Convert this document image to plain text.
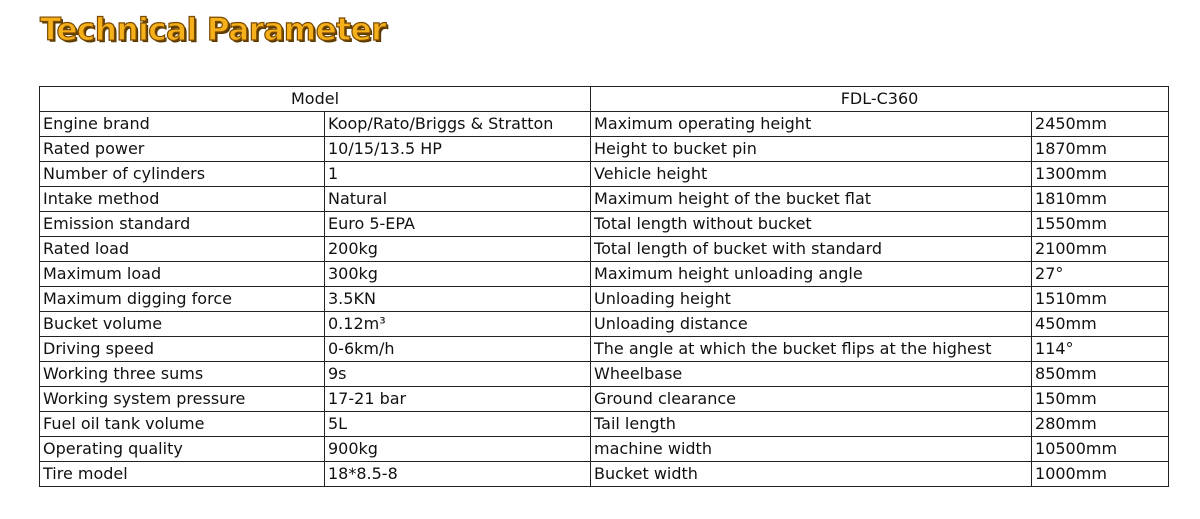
Technical Parameter
Model		FDL-C360	
Engine brand	Koop/Rato/Briggs & Stratton	Maximum operating height	2450mm
Rated power	10/15/13.5 HP	Height to bucket pin	1870mm
Number of cylinders	1	Vehicle height	1300mm
Intake method	Natural	Maximum height of the bucket flat	1810mm
Emission standard	Euro 5-EPA	Total length without bucket	1550mm
Rated load	200kg	Total length of bucket with standard	2100mm
Maximum load	300kg	Maximum height unloading angle	27°
Maximum digging force	3.5KN	Unloading height	1510mm
Bucket volume	0.12m³	Unloading distance	450mm
Driving speed	0-6km/h	The angle at which the bucket flips at the highest	114°
Working three sums	9s	Wheelbase	850mm
Working system pressure	17-21 bar	Ground clearance	150mm
Fuel oil tank volume	5L	Tail length	280mm
Operating quality	900kg	machine width	10500mm
Tire model	18*8.5-8	Bucket width	1000mm
